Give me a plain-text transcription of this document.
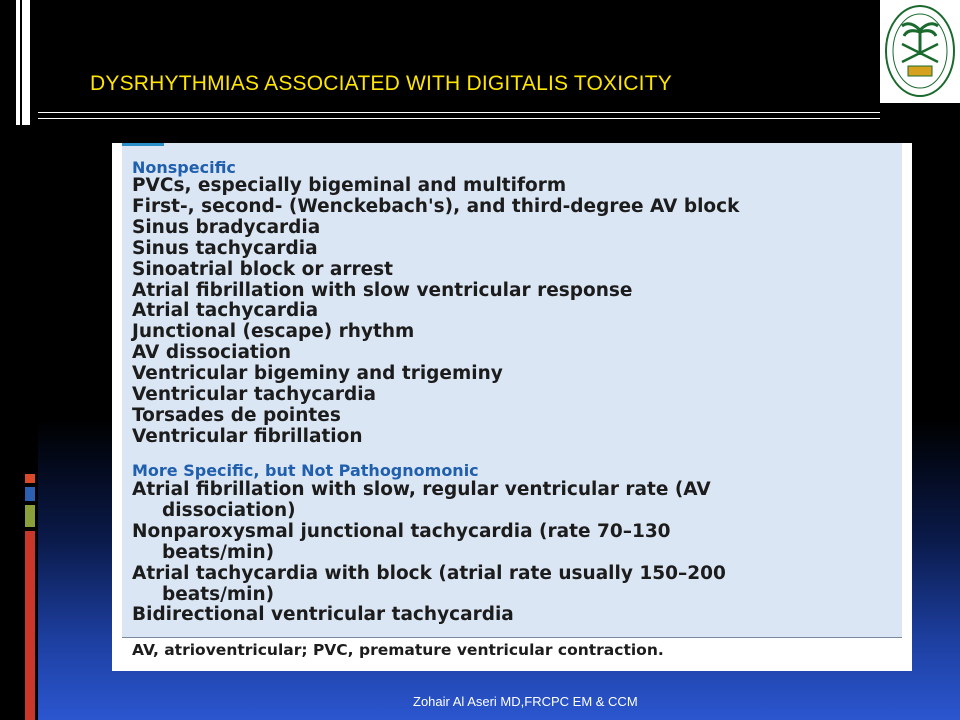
DYSRHYTHMIAS ASSOCIATED WITH DIGITALIS TOXICITY
Nonspecific
PVCs, especially bigeminal and multiform
First-, second- (Wenckebach's), and third-degree AV block
Sinus bradycardia
Sinus tachycardia
Sinoatrial block or arrest
Atrial fibrillation with slow ventricular response
Atrial tachycardia
Junctional (escape) rhythm
AV dissociation
Ventricular bigeminy and trigeminy
Ventricular tachycardia
Torsades de pointes
Ventricular fibrillation
More Specific, but Not Pathognomonic
Atrial fibrillation with slow, regular ventricular rate (AV
dissociation)
Nonparoxysmal junctional tachycardia (rate 70–130
beats/min)
Atrial tachycardia with block (atrial rate usually 150–200
beats/min)
Bidirectional ventricular tachycardia
AV, atrioventricular; PVC, premature ventricular contraction.
Zohair Al Aseri MD,FRCPC EM & CCM
